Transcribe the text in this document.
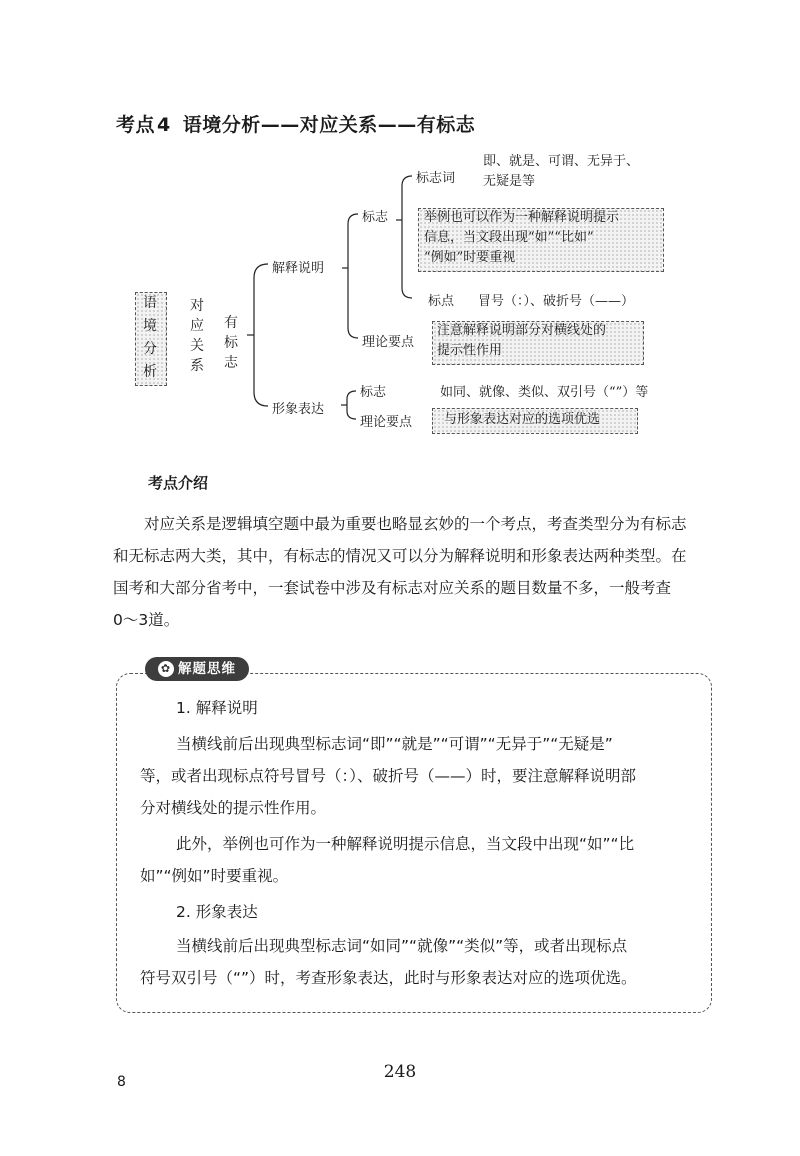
考点 4 语境分析——对应关系——有标志
语
境
分
析
对
应
关
系
有
标
志
解释说明
形象表达
标志
理论要点
标志
理论要点
标志词
即、就是、可谓、无异于、
无疑是等
举例也可以作为一种解释说明提示
信息，当文段出现“如”“比如”
“例如”时要重视
标点 冒号（：）、破折号（——）
注意解释说明部分对横线处的
提示性作用
如同、就像、类似、双引号（“”）等
与形象表达对应的选项优选
考点介绍
对应关系是逻辑填空题中最为重要也略显玄妙的一个考点，考查类型分为有标志
和无标志两大类，其中，有标志的情况又可以分为解释说明和形象表达两种类型。在
国考和大部分省考中，一套试卷中涉及有标志对应关系的题目数量不多，一般考查
0～3道。
✿ 解题思维
1. 解释说明
当横线前后出现典型标志词“即”“就是”“可谓”“无异于”“无疑是”
等，或者出现标点符号冒号（：）、破折号（——）时，要注意解释说明部
分对横线处的提示性作用。
此外，举例也可作为一种解释说明提示信息，当文段中出现“如”“比
如”“例如”时要重视。
2. 形象表达
当横线前后出现典型标志词“如同”“就像”“类似”等，或者出现标点
符号双引号（“”）时，考查形象表达，此时与形象表达对应的选项优选。
248
8
